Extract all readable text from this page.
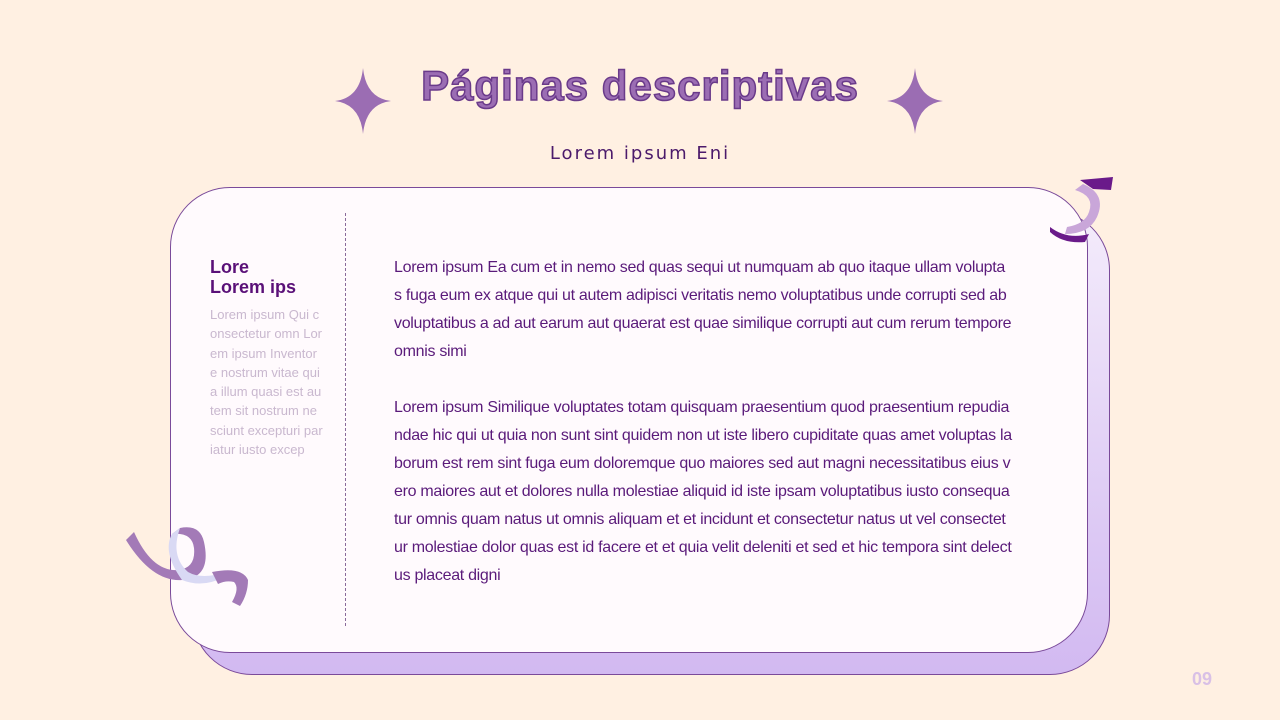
Páginas descriptivas
Lorem ipsum Eni
Lore
Lorem ips
Lorem ipsum Qui consectetur omn Lorem ipsum Inventore nostrum vitae quia illum quasi est autem sit nostrum nesciunt excepturi pariatur iusto excep

Lorem ipsum Ea cum et in nemo sed quas sequi ut numquam ab quo itaque ullam voluptas fuga eum ex atque qui ut autem adipisci veritatis nemo voluptatibus unde corrupti sed ab voluptatibus a ad aut earum aut quaerat est quae similique corrupti aut cum rerum tempore omnis simi

Lorem ipsum Similique voluptates totam quisquam praesentium quod praesentium repudiandae hic qui ut quia non sunt sint quidem non ut iste libero cupiditate quas amet voluptas laborum est rem sint fuga eum doloremque quo maiores sed aut magni necessitatibus eius vero maiores aut et dolores nulla molestiae aliquid id iste ipsam voluptatibus iusto consequatur omnis quam natus ut omnis aliquam et et incidunt et consectetur natus ut vel consectetur molestiae dolor quas est id facere et et quia velit deleniti et sed et hic tempora sint delectus placeat digni

09
